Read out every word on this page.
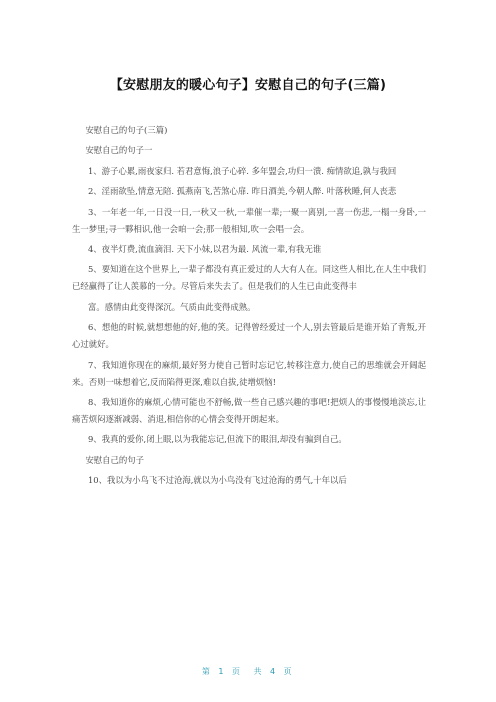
【安慰朋友的暖心句子】安慰自己的句子(三篇)

安慰自己的句子(三篇)

安慰自己的句子一

1、游子心累,雨夜家归. 若君意悔,浪子心碎. 多年盟会,功归一溃. 痴情欲追,孰与我回

2、淫雨欲坠,情意无陪. 孤燕南飞,苦煞心扉. 昨日酒美,今朝人醉. 叶落秋睡,何人丧悲

3、一年老一年,一日没一日,一秋又一秋,一辈催一辈;一聚一离别,一喜一伤悲,一榻一身卧,一生一梦里;寻一夥相识,他一会咱一会;那一般相知,吹一会唱一会。

4、夜半灯费,流血滴泪. 天下小妹,以君为最. 风流一辈,有我无谁

5、要知道在这个世界上,一辈子都没有真正爱过的人大有人在。同这些人相比,在人生中我们已经赢得了让人羡慕的一分。尽管后来失去了。但是我们的人生已由此变得丰

富。感情由此变得深沉。气质由此变得成熟。

6、想他的时候,就想想他的好,他的笑。记得曾经爱过一个人,别去管最后是谁开始了背叛,开心过就好。

7、我知道你现在的麻烦,最好努力使自己暂时忘记它,转移注意力,使自己的思维就会开阔起来。否则一味想着它,反而陷得更深,难以自拔,徒增烦恼!

8、我知道你的麻烦,心情可能也不舒畅,做一些自己感兴趣的事吧!把烦人的事慢慢地淡忘,让痛苦烦闷逐渐减弱、消退,相信你的心情会变得开朗起来。

9、我真的爱你,闭上眼,以为我能忘记,但流下的眼泪,却没有骗到自己。

安慰自己的句子

10、我以为小鸟飞不过沧海,就以为小鸟没有飞过沧海的勇气,十年以后

第 1 页 共 4 页
